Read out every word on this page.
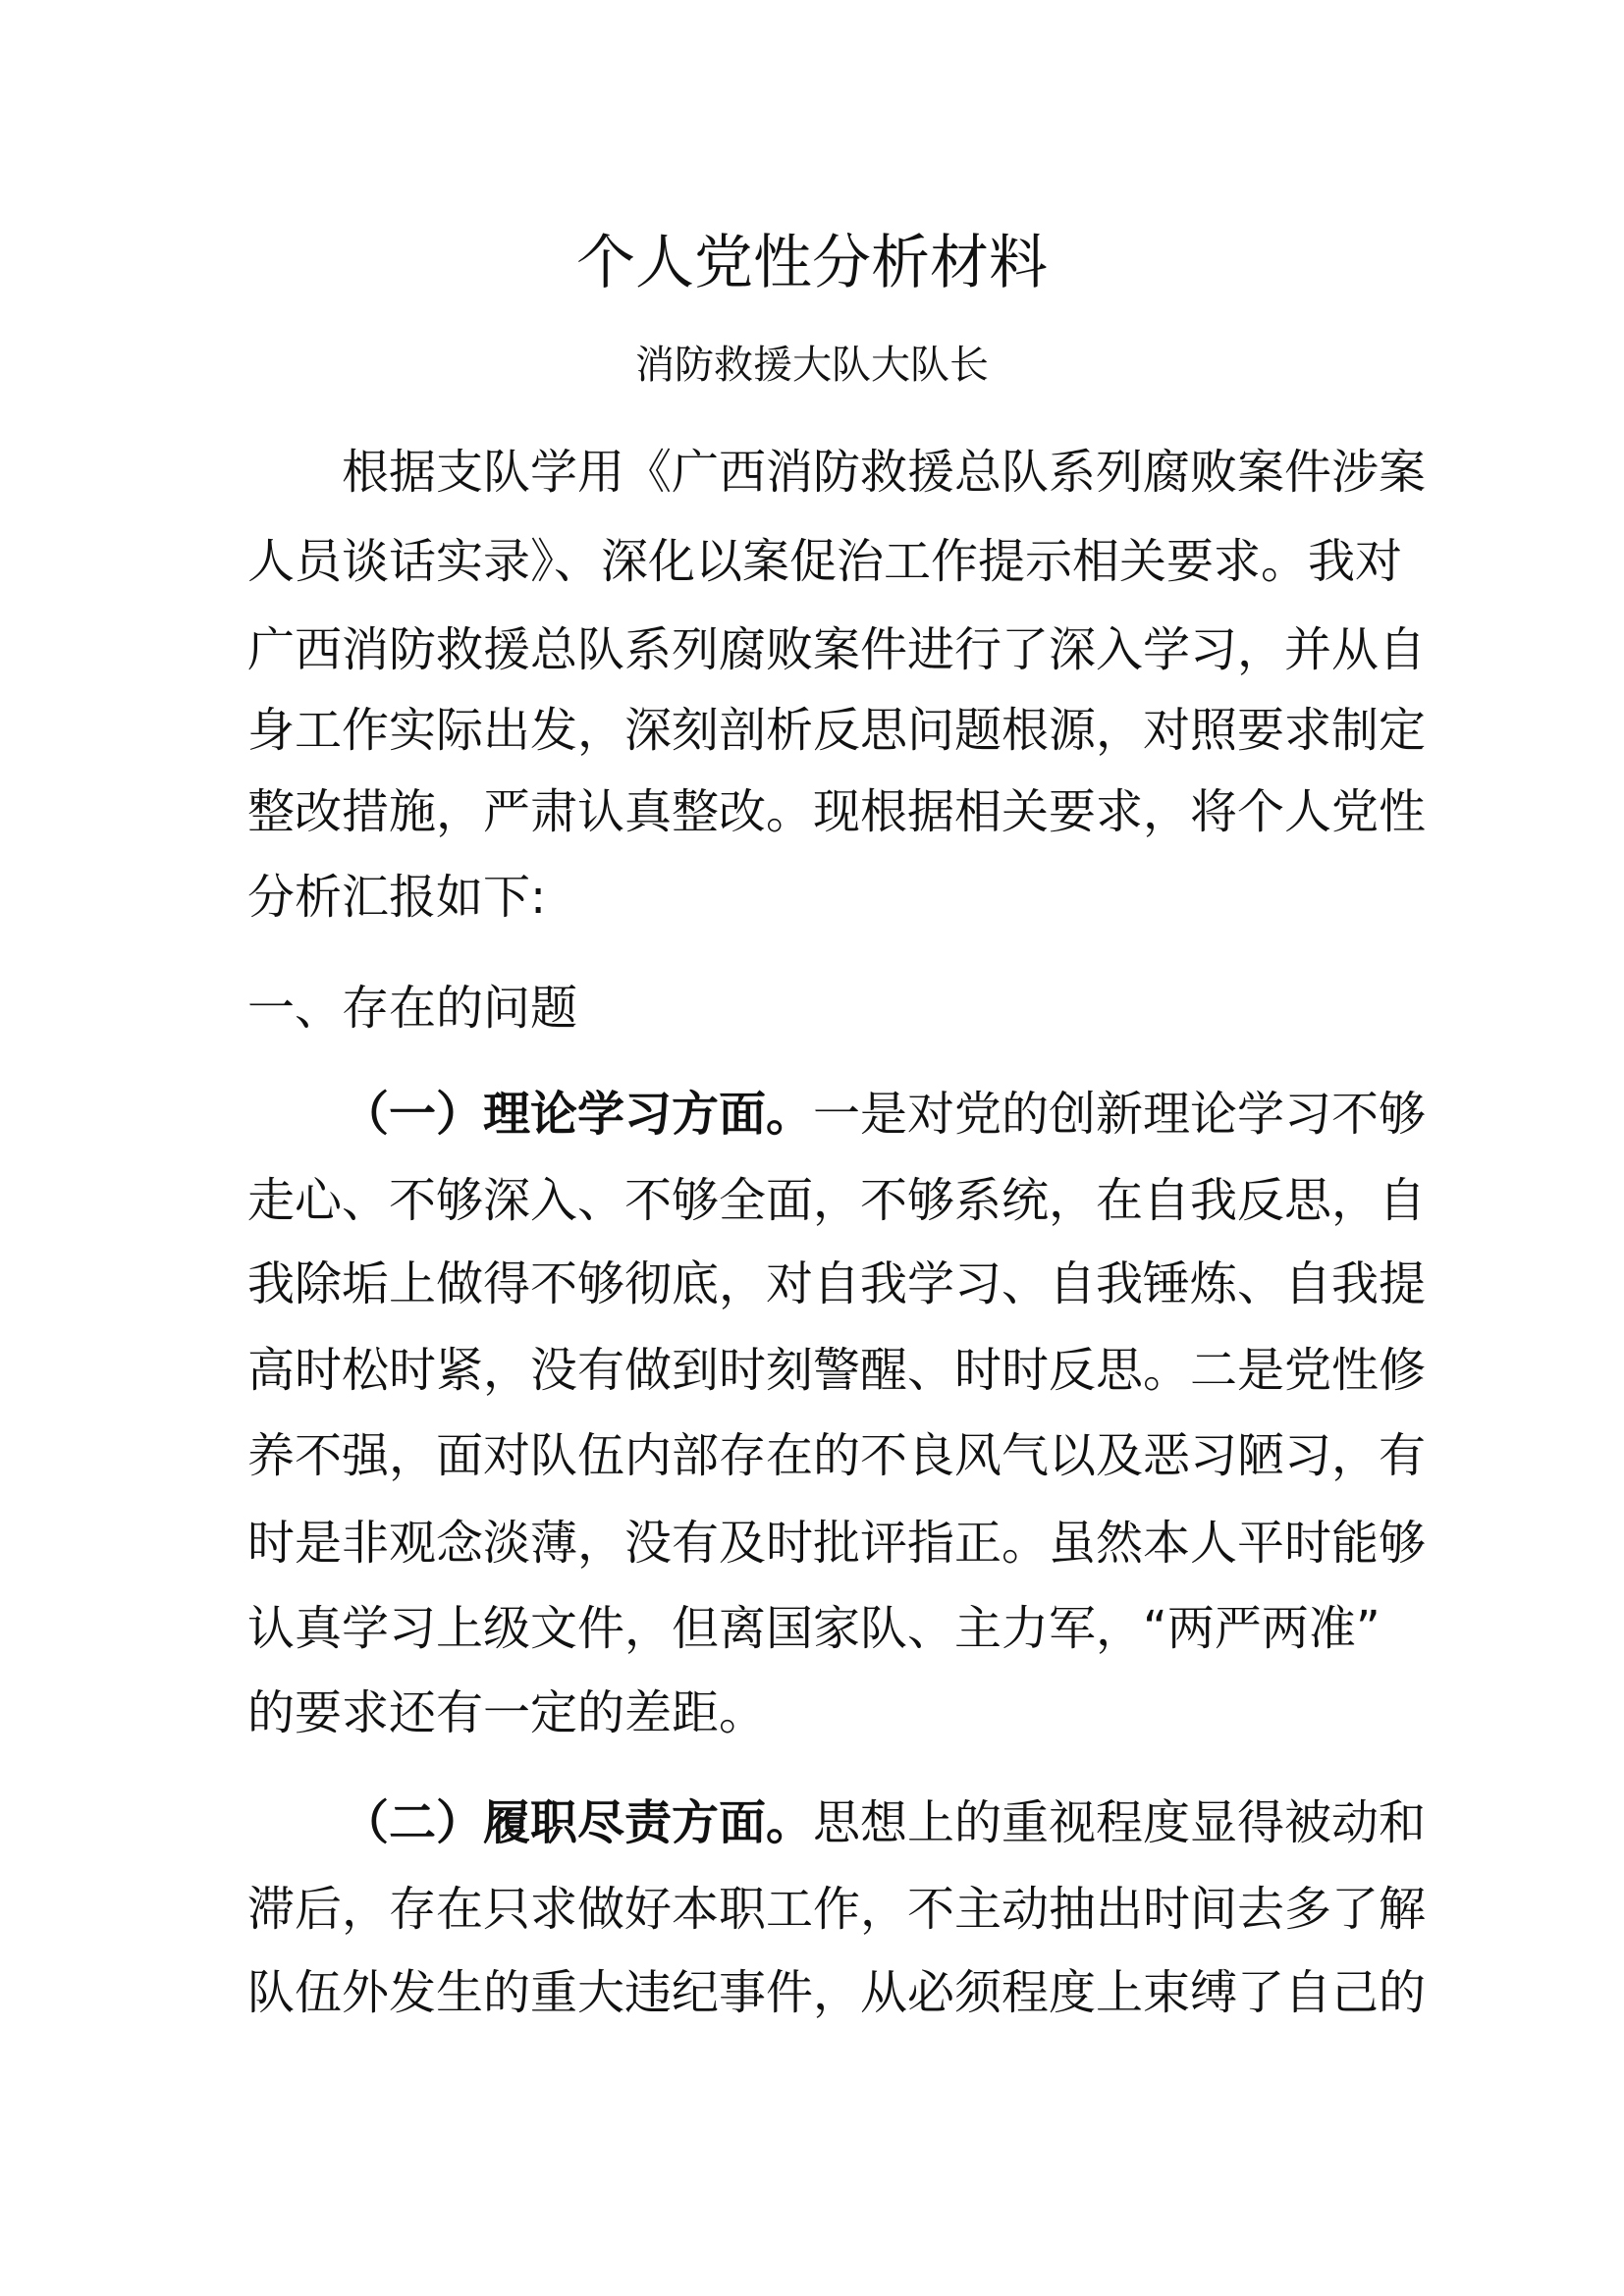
个人党性分析材料
消防救援大队大队长
根据支队学用《广西消防救援总队系列腐败案件涉案
人员谈话实录》、深化以案促治工作提示相关要求。我对
广西消防救援总队系列腐败案件进行了深入学习，并从自
身工作实际出发，深刻剖析反思问题根源，对照要求制定
整改措施，严肃认真整改。现根据相关要求，将个人党性
分析汇报如下:
一、存在的问题
（一）理论学习方面。一是对党的创新理论学习不够
走心、不够深入、不够全面，不够系统，在自我反思，自
我除垢上做得不够彻底，对自我学习、自我锤炼、自我提
高时松时紧，没有做到时刻警醒、时时反思。二是党性修
养不强，面对队伍内部存在的不良风气以及恶习陋习，有
时是非观念淡薄，没有及时批评指正。虽然本人平时能够
认真学习上级文件，但离国家队、主力军，“两严两准”
的要求还有一定的差距。
（二）履职尽责方面。思想上的重视程度显得被动和
滞后，存在只求做好本职工作，不主动抽出时间去多了解
队伍外发生的重大违纪事件，从必须程度上束缚了自己的
